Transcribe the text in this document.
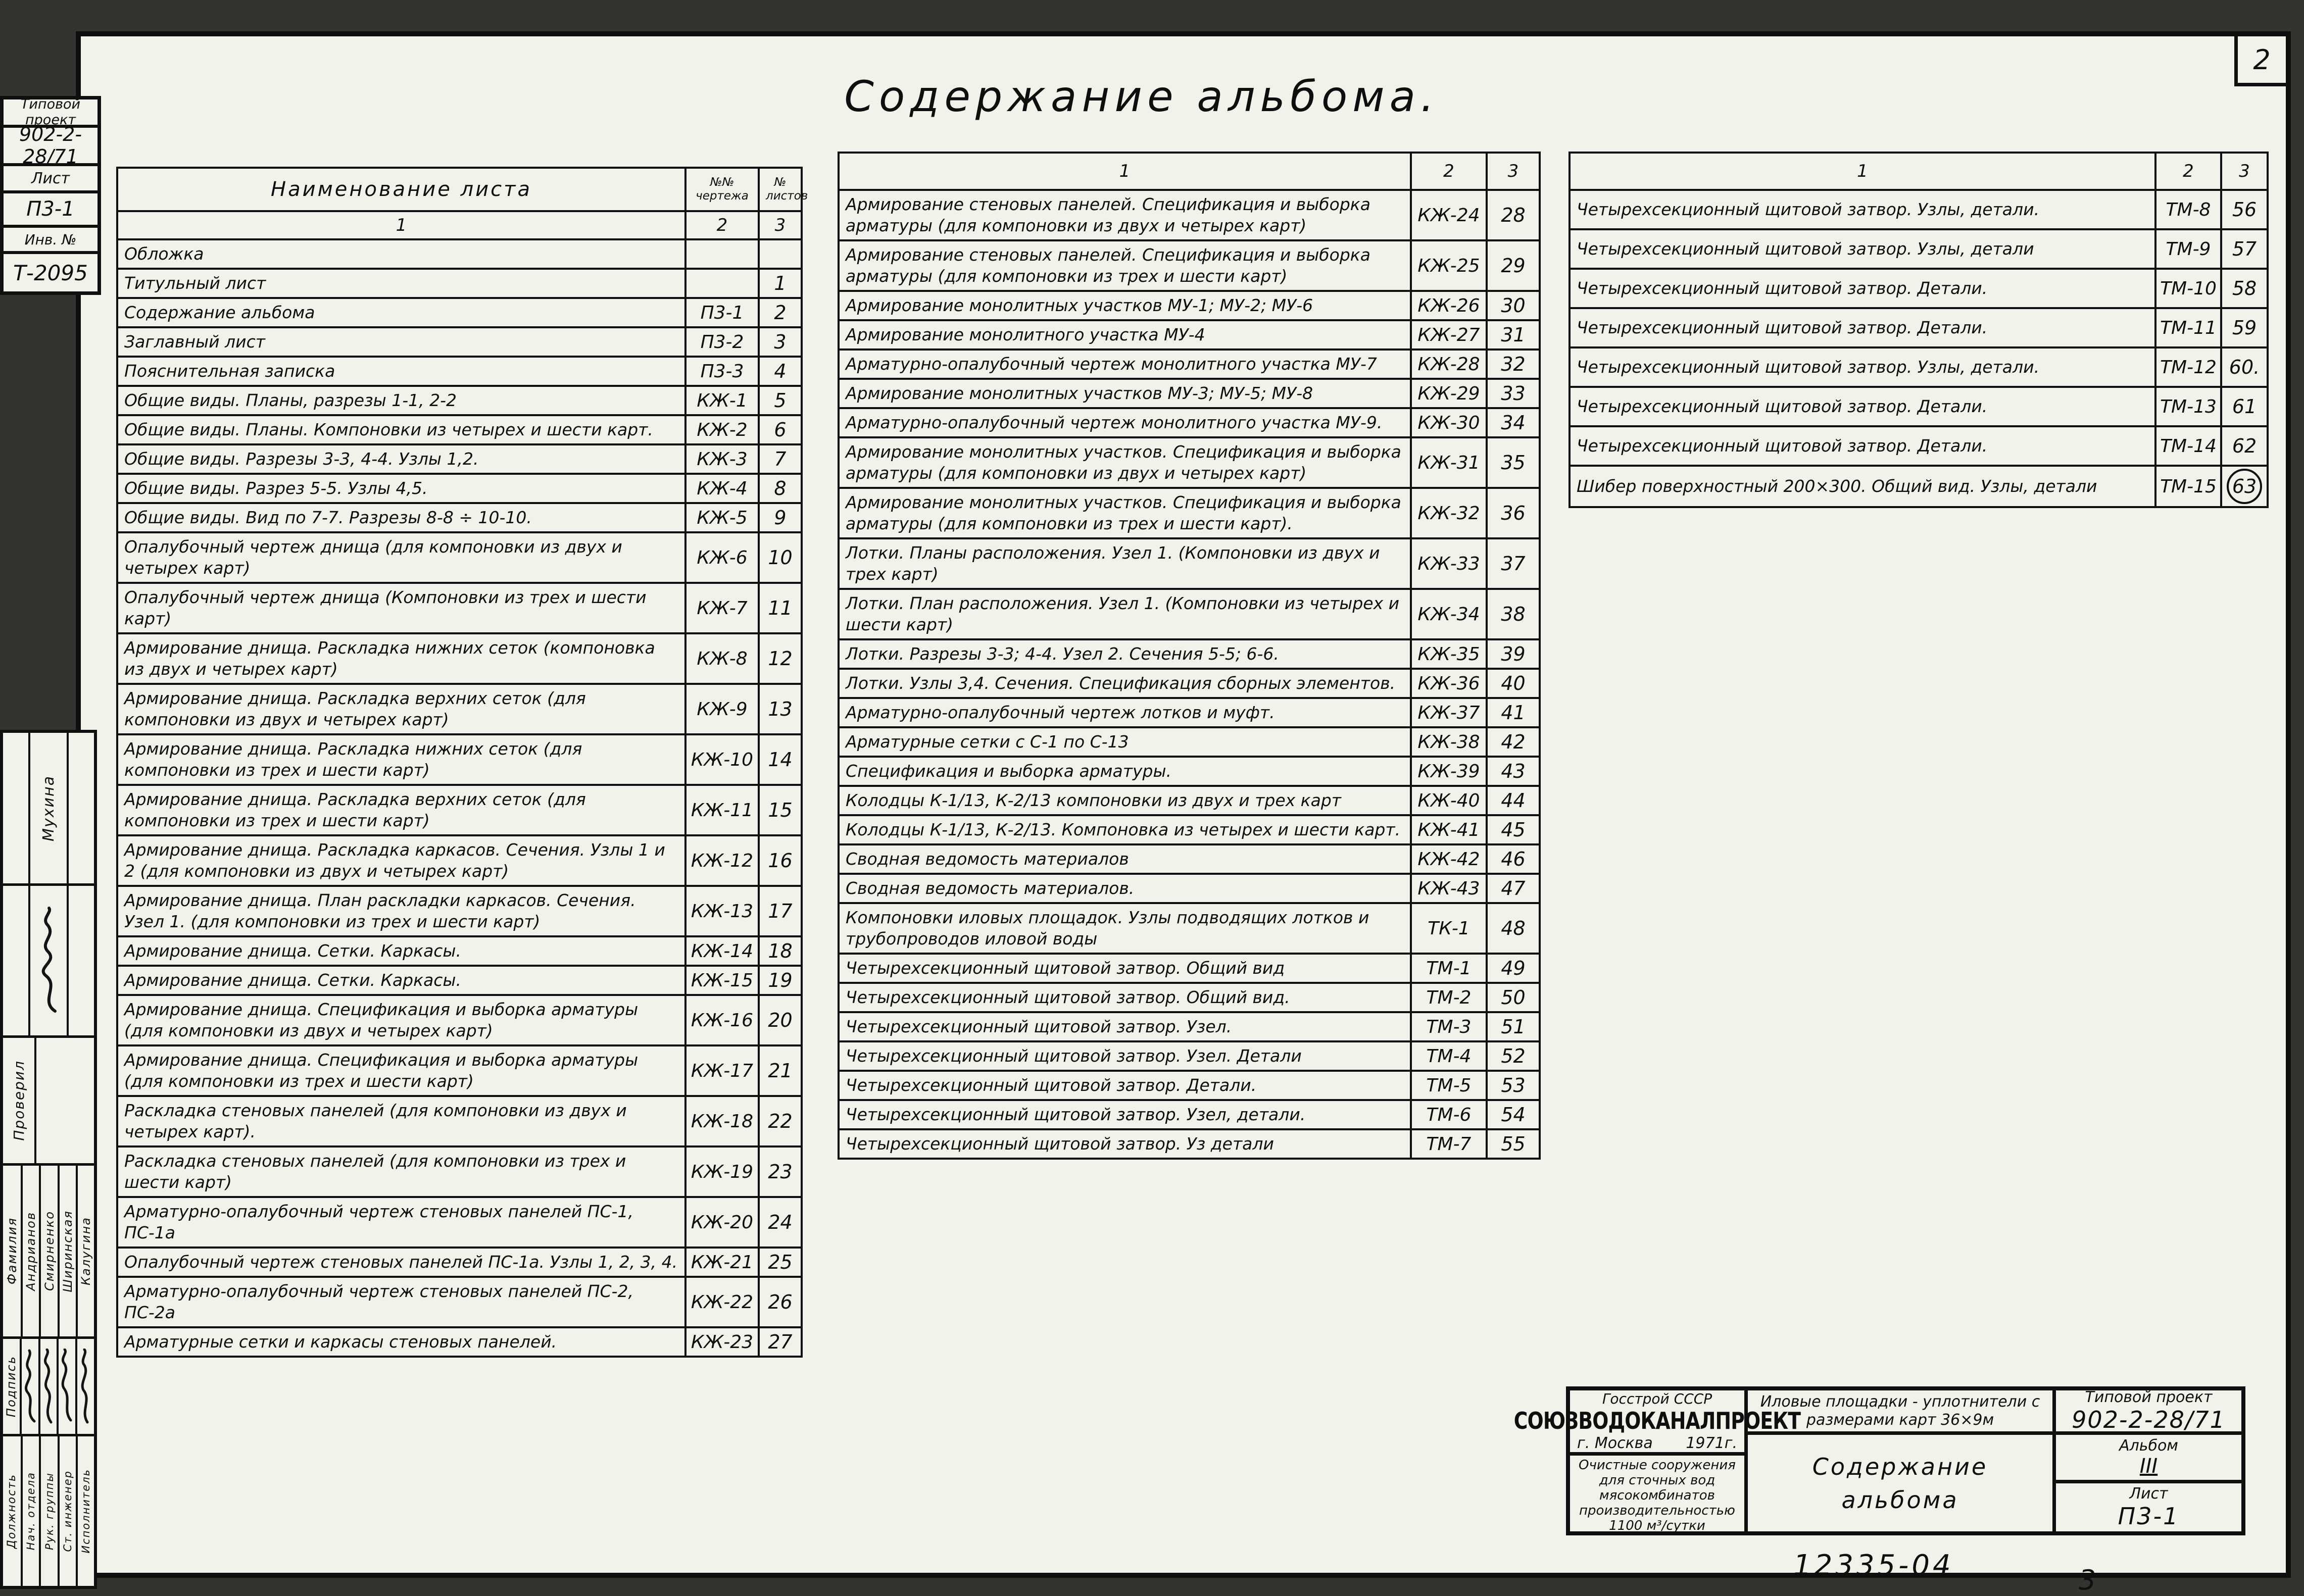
Содержание альбома.
2
Наименование листа	№№ чертежа	№ листов
1	2	3
Обложка		
Титульный лист		1
Содержание альбома	П3-1	2
Заглавный лист	П3-2	3
Пояснительная записка	П3-3	4
Общие виды. Планы, разрезы 1-1, 2-2	КЖ-1	5
Общие виды. Планы. Компоновки из четырех и шести карт.	КЖ-2	6
Общие виды. Разрезы 3-3, 4-4. Узлы 1,2.	КЖ-3	7
Общие виды. Разрез 5-5. Узлы 4,5.	КЖ-4	8
Общие виды. Вид по 7-7. Разрезы 8-8 ÷ 10-10.	КЖ-5	9
Опалубочный чертеж днища (для компоновки из двух и четырех карт)	КЖ-6	10
Опалубочный чертеж днища (Компоновки из трех и шести карт)	КЖ-7	11
Армирование днища. Раскладка нижних сеток (компоновка из двух и четырех карт)	КЖ-8	12
Армирование днища. Раскладка верхних сеток (для компоновки из двух и четырех карт)	КЖ-9	13
Армирование днища. Раскладка нижних сеток (для компоновки из трех и шести карт)	КЖ-10	14
Армирование днища. Раскладка верхних сеток (для компоновки из трех и шести карт)	КЖ-11	15
Армирование днища. Раскладка каркасов. Сечения. Узлы 1 и 2 (для компоновки из двух и четырех карт)	КЖ-12	16
Армирование днища. План раскладки каркасов. Сечения. Узел 1. (для компоновки из трех и шести карт)	КЖ-13	17
Армирование днища. Сетки. Каркасы.	КЖ-14	18
Армирование днища. Сетки. Каркасы.	КЖ-15	19
Армирование днища. Спецификация и выборка арматуры (для компоновки из двух и четырех карт)	КЖ-16	20
Армирование днища. Спецификация и выборка арматуры (для компоновки из трех и шести карт)	КЖ-17	21
Раскладка стеновых панелей (для компоновки из двух и четырех карт).	КЖ-18	22
Раскладка стеновых панелей (для компоновки из трех и шести карт)	КЖ-19	23
Арматурно-опалубочный чертеж стеновых панелей ПС-1, ПС-1а	КЖ-20	24
Опалубочный чертеж стеновых панелей ПС-1а. Узлы 1, 2, 3, 4.	КЖ-21	25
Арматурно-опалубочный чертеж стеновых панелей ПС-2, ПС-2а	КЖ-22	26
Арматурные сетки и каркасы стеновых панелей.	КЖ-23	27
1	2	3
Армирование стеновых панелей. Спецификация и выборка арматуры (для компоновки из двух и четырех карт)	КЖ-24	28
Армирование стеновых панелей. Спецификация и выборка арматуры (для компоновки из трех и шести карт)	КЖ-25	29
Армирование монолитных участков МУ-1; МУ-2; МУ-6	КЖ-26	30
Армирование монолитного участка МУ-4	КЖ-27	31
Арматурно-опалубочный чертеж монолитного участка МУ-7	КЖ-28	32
Армирование монолитных участков МУ-3; МУ-5; МУ-8	КЖ-29	33
Арматурно-опалубочный чертеж монолитного участка МУ-9.	КЖ-30	34
Армирование монолитных участков. Спецификация и выборка арматуры (для компоновки из двух и четырех карт)	КЖ-31	35
Армирование монолитных участков. Спецификация и выборка арматуры (для компоновки из трех и шести карт).	КЖ-32	36
Лотки. Планы расположения. Узел 1. (Компоновки из двух и трех карт)	КЖ-33	37
Лотки. План расположения. Узел 1. (Компоновки из четырех и шести карт)	КЖ-34	38
Лотки. Разрезы 3-3; 4-4. Узел 2. Сечения 5-5; 6-6.	КЖ-35	39
Лотки. Узлы 3,4. Сечения. Спецификация сборных элементов.	КЖ-36	40
Арматурно-опалубочный чертеж лотков и муфт.	КЖ-37	41
Арматурные сетки с С-1 по С-13	КЖ-38	42
Спецификация и выборка арматуры.	КЖ-39	43
Колодцы К-1/13, К-2/13 компоновки из двух и трех карт	КЖ-40	44
Колодцы К-1/13, К-2/13. Компоновка из четырех и шести карт.	КЖ-41	45
Сводная ведомость материалов	КЖ-42	46
Сводная ведомость материалов.	КЖ-43	47
Компоновки иловых площадок. Узлы подводящих лотков и трубопроводов иловой воды	ТК-1	48
Четырехсекционный щитовой затвор. Общий вид	ТМ-1	49
Четырехсекционный щитовой затвор. Общий вид.	ТМ-2	50
Четырехсекционный щитовой затвор. Узел.	ТМ-3	51
Четырехсекционный щитовой затвор. Узел. Детали	ТМ-4	52
Четырехсекционный щитовой затвор. Детали.	ТМ-5	53
Четырехсекционный щитовой затвор. Узел, детали.	ТМ-6	54
Четырехсекционный щитовой затвор. Уз детали	ТМ-7	55
1	2	3
Четырехсекционный щитовой затвор. Узлы, детали.	ТМ-8	56
Четырехсекционный щитовой затвор. Узлы, детали	ТМ-9	57
Четырехсекционный щитовой затвор. Детали.	ТМ-10	58
Четырехсекционный щитовой затвор. Детали.	ТМ-11	59
Четырехсекционный щитовой затвор. Узлы, детали.	ТМ-12	60.
Четырехсекционный щитовой затвор. Детали.	ТМ-13	61
Четырехсекционный щитовой затвор. Детали.	ТМ-14	62
Шибер поверхностный 200×300. Общий вид. Узлы, детали	ТМ-15	63
Госстрой СССР
СОЮЗВОДОКАНАЛПРОЕКТ
г. Москва 1971г.
Очистные сооружения для сточных вод мясокомбинатов производительностью 1100 м³/сутки
Иловые площадки - уплотнители с размерами карт 36×9м
Содержание альбома
Типовой проект
902-2-28/71
Альбом
III
Лист
П3-1
12335-04	3
Типовой проект
902-2-28/71
Лист
П3-1
Инв. №
Т-2095
Мухина
Проверил
Фамилия Андрианов Смирненко Ширинская Калугина
Подпись
Должность Нач. отдела Рук. группы Ст. инженер Исполнитель
